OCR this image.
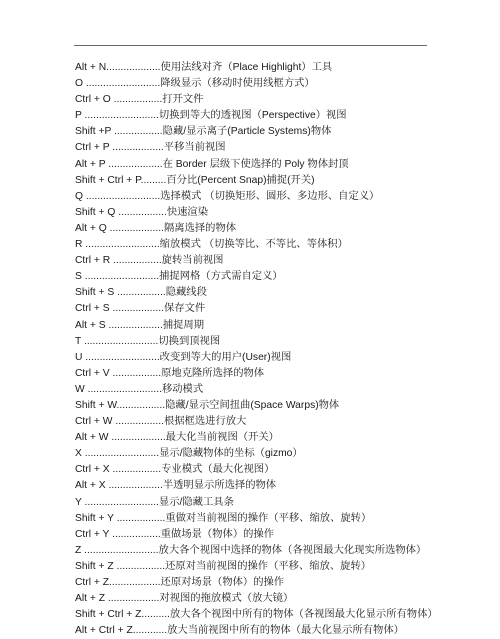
Alt + N...................使用法线对齐（Place Highlight）工具
O ..........................降级显示（移动时使用线框方式）
Ctrl + O .................打开文件
P ..........................切换到等大的透视图（Perspective）视图
Shift +P .................隐藏/显示离子(Particle Systems)物体
Ctrl + P ..................平移当前视图
Alt + P ...................在 Border 层级下使选择的 Poly 物体封顶
Shift + Ctrl + P.........百分比(Percent Snap)捕捉(开关)
Q ..........................选择模式 （切换矩形、圆形、多边形、自定义）
Shift + Q .................快速渲染
Alt + Q ...................隔离选择的物体
R ..........................缩放模式 （切换等比、不等比、等体积）
Ctrl + R .................旋转当前视图
S ..........................捕捉网格（方式需自定义）
Shift + S .................隐藏线段
Ctrl + S ..................保存文件
Alt + S ...................捕捉周期
T ..........................切换到顶视图
U ..........................改变到等大的用户(User)视图
Ctrl + V .................原地克隆所选择的物体
W ..........................移动模式
Shift + W.................隐藏/显示空间扭曲(Space Warps)物体
Ctrl + W .................根据框选进行放大
Alt + W ...................最大化当前视图（开关）
X ..........................显示/隐藏物体的坐标（gizmo）
Ctrl + X .................专业模式（最大化视图）
Alt + X ...................半透明显示所选择的物体
Y ..........................显示/隐藏工具条
Shift + Y .................重做对当前视图的操作（平移、缩放、旋转）
Ctrl + Y .................重做场景（物体）的操作
Z ..........................放大各个视图中选择的物体（各视图最大化现实所选物体）
Shift + Z .................还原对当前视图的操作（平移、缩放、旋转）
Ctrl + Z..................还原对场景（物体）的操作
Alt + Z ..................对视图的拖放模式（放大镜）
Shift + Ctrl + Z..........放大各个视图中所有的物体（各视图最大化显示所有物体）
Alt + Ctrl + Z............放大当前视图中所有的物体（最大化显示所有物体）
